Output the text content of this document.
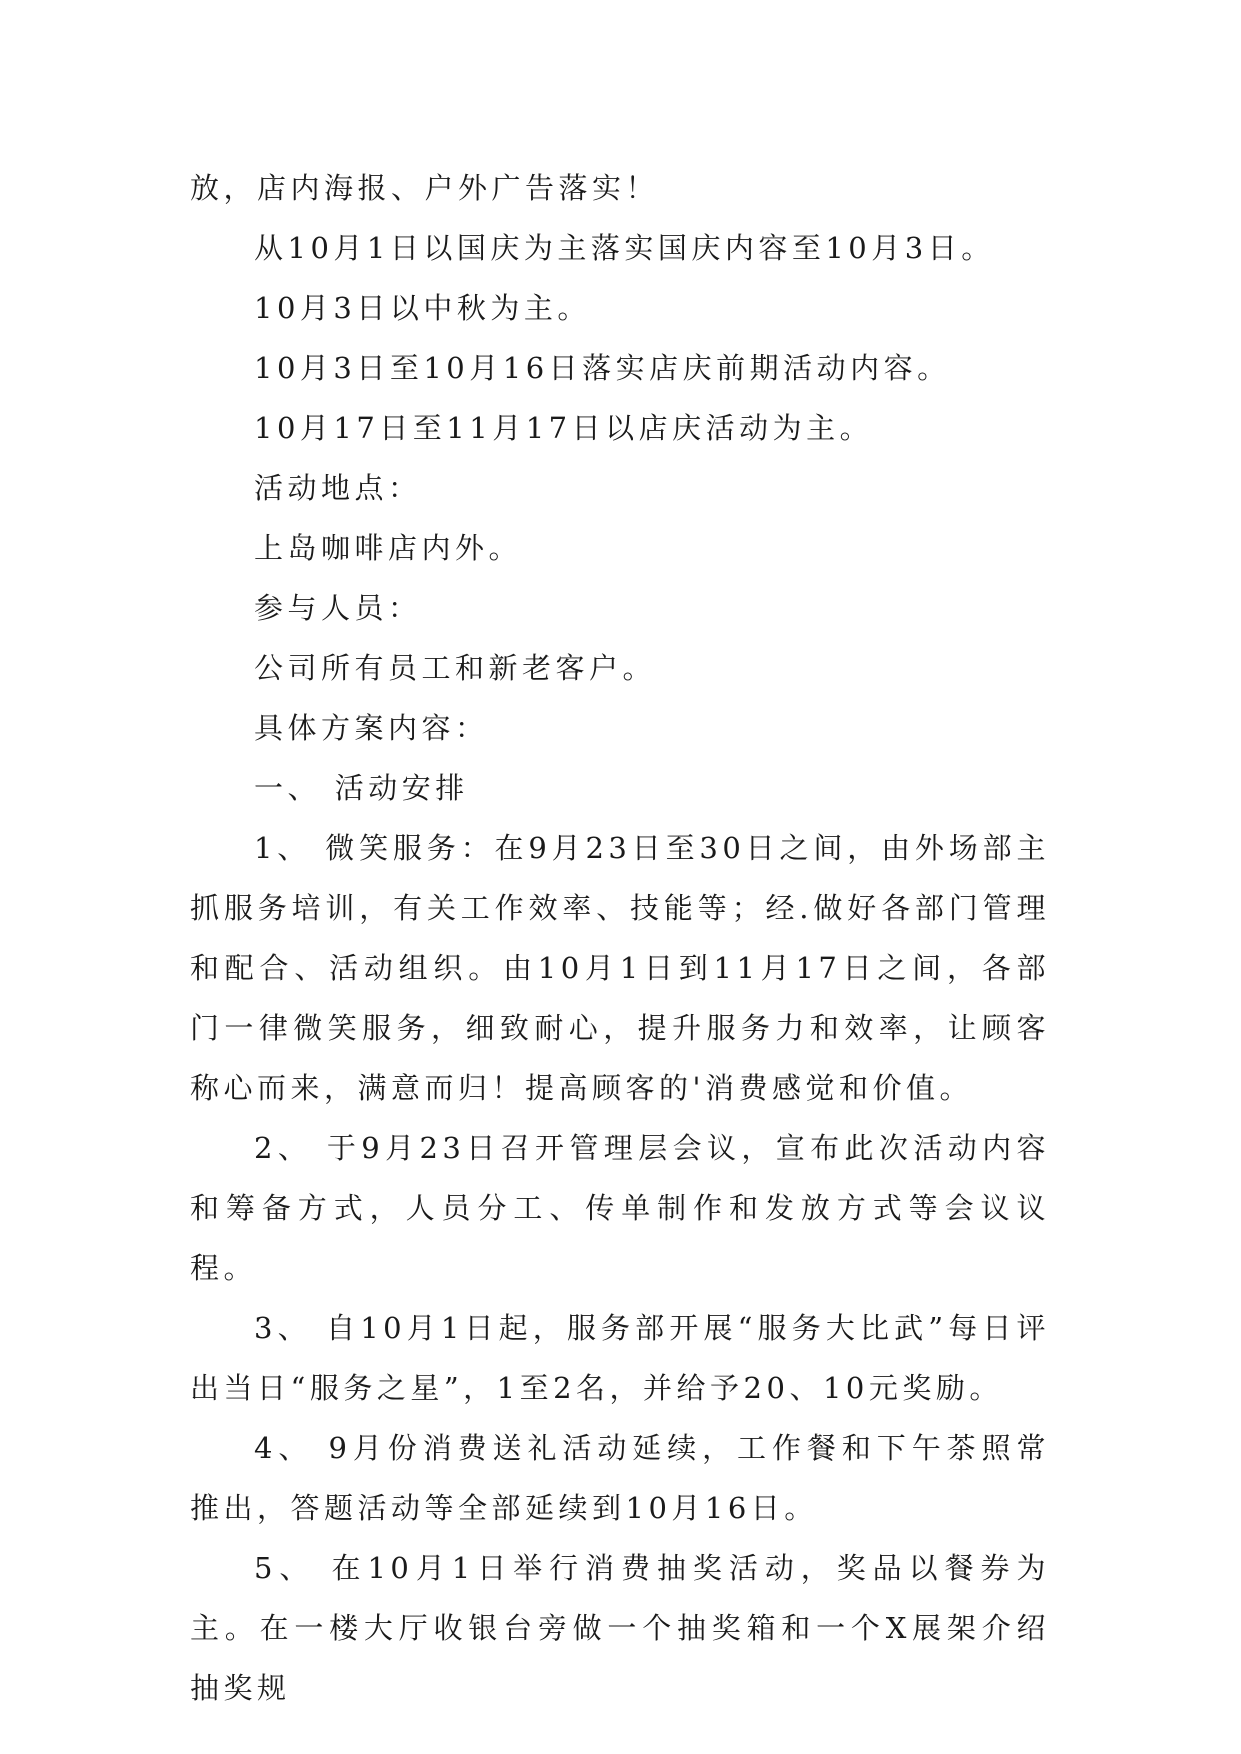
放，店内海报、户外广告落实！

从10月1日以国庆为主落实国庆内容至10月3日。

10月3日以中秋为主。

10月3日至10月16日落实店庆前期活动内容。

10月17日至11月17日以店庆活动为主。

活动地点：

上岛咖啡店内外。

参与人员：

公司所有员工和新老客户。

具体方案内容：

一、 活动安排

1、 微笑服务：在9月23日至30日之间，由外场部主抓服务培训，有关工作效率、技能等；经.做好各部门管理和配合、活动组织。由10月1日到11月17日之间，各部门一律微笑服务，细致耐心，提升服务力和效率，让顾客称心而来，满意而归！提高顾客的'消费感觉和价值。

2、 于9月23日召开管理层会议，宣布此次活动内容和筹备方式，人员分工、传单制作和发放方式等会议议程。

3、 自10月1日起，服务部开展“服务大比武”每日评出当日“服务之星”，1至2名，并给予20、10元奖励。

4、 9月份消费送礼活动延续，工作餐和下午茶照常推出，答题活动等全部延续到10月16日。

5、 在10月1日举行消费抽奖活动，奖品以餐券为主。在一楼大厅收银台旁做一个抽奖箱和一个X展架介绍抽奖规
